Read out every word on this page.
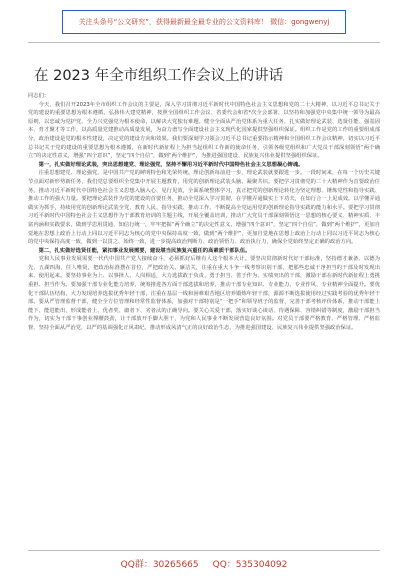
关注头条号“公文研究”，获得最新最全最专业的公文资料库！ 微信：gongwenyj
在 2023 年全市组织工作会议上的讲话

同志们：

今天，我们召开2023年全市组织工作会议的主要是，深入学习贯彻习近平新时代中国特色社会主义思想和党的二十大精神，以习近平总书记关于党的建设的重要思想为根本遵循，弘扬伟大建党精神，按照全国组织工作会议、省委代会和省*次全会部署，以坚持和加强党中央集中统一领导为最高原则，以忠诚为党护党、全力兴党强党为根本使命，以解决大党独有难题、健全全面从严治党体系为重大任务，扎实做好理论武装、选贤任能、强基固本、育才聚才等工作，以高质量党建推动高质量发展，为奋力谱写全面建设社会主义现代化国家提供坚强组织保证。组织工作是党的工作的重要组成部分，政治建设是党的根本性建设，决定党的建设方向和效果。我们要深刻学习领会习近平总书记重要指示精神和全国组织工作会议精神，切实以习近平总书记关于党的建设的重要思想为根本遵循，在新时代新征程上为担当起组织工作新的使命任务，引领各级党组织和广大党员干部深刻领悟“两个确立”的决定性意义，增强“四个意识”，坚定“四个自信”，做到“两个维护”，为推进强国建设、民族复兴伟业提供坚强组织保证。

第一，扎实做好理论武装，突出思想建党、理论强党，坚持不懈用习近平新时代中国特色社会主义思想凝心铸魂。

注重思想建党、理论强党，是中国共产党的鲜明特色和光荣传统。理论创新每前进一步，理论武装就要跟进一步。一段时间来，在每一个历史关键节点面对新形势新任务，我们党总要组织全党集中开展主题教育，用党的创新理论武装头脑、凝聚共识。要把学习贯彻党的二十大精神作为首要政治任务，推动习近平新时代中国特色社会主义思想入脑入心、见行见效，全面系统整体学习，真正把党的创新理论转化为坚定理想、锤炼党性和指导实践、推动工作的强大力量。要把理论武装作为党的建设的首要任务，推动全党深入学习贯彻，在学懂弄通做实上下功夫，在知行合一上见成效。以学懂弄通做实为抓手，持续用党的创新理论武装全党、教育人民、指导实践、推动工作，不断提高全党运用党的创新理论指导实践的能力和水平。要把学习贯彻习近平新时代中国特色社会主义思想作为干部教育培训的主题主线，开展全覆盖培训，推动广大党员干部深刻领悟这一思想的核心要义、精神实质、丰富内涵和实践要求，做到学思用贯通、知信行统一，牢牢把握“两个确立”的决定性意义，增强“四个意识”，坚定“四个自信”，做到“两个维护”，更加自觉地在思想上政治上行动上同以习近平同志为核心的党中央保持高度一致，做到“两个维护”，更加自觉地在思想上政治上行动上同以习近平同志为核心的党中央保持高度一致，做到一以贯之、始终一致，进一步提高政治判断力、政治领悟力、政治执行力，确保全党始终坚定正确的政治方向。

第二，扎实做好选贤任能，紧扣事业发展需要，建设堪当民族复兴重任的高素质干部队伍。

党和人民事业发展需要一代代中国共产党人接续奋斗，必须抓好后继有人这个根本大计。要坚决贯彻新时代好干部标准，坚持德才兼备、以德为先、五湖四海、任人唯贤，把政治标准摆在首位，严把政治关、廉洁关，注重在重大斗争一线考察识别干部，把那些忠诚干净担当的干部及时发现出来、使用起来。要坚持事业为上、以事择人、人岗相适，大力选拔敢于负责、勇于担当、善于作为、实绩突出的干部，激励干部在新时代新征程上勇挑重担、担当作为。要加强干部专业化能力培养，统筹推进各方面干部选拔和培养，推动干部专业知识、专业能力、专业作风、专业精神全面提升。要优化干部队伍结构，大力发现培养选拔优秀年轻干部，注重在基层一线和困难艰苦地区培养锻炼年轻干部，源源不断选拔使用经过实践考验的优秀年轻干部。要从严管理监督干部，健全全方位管理和经常性监督体系，加强对干部特别是“一把手”和领导班子的监督，完善干部考核评价体系，推动干部能上能下、能进能出，形成能者上、优者奖、庸者下、劣者汰的正确导向。要关心关爱干部，落实好谈心谈话、待遇保障、容错纠错等制度，激励干部担当作为，切实为干部干事创业撑腰鼓劲，让干部放开手脚大胆干，为党和人民事业不断发展营造良好氛围。对党员干部要严格教育、严格管理、严格监督，坚持全面从严治党，以严的基调强化正风肃纪，推动形成风清气正的良好政治生态，为推进强国建设、民族复兴伟业提供坚强政治保证。

QQ群：30265665 QQ：535304092
